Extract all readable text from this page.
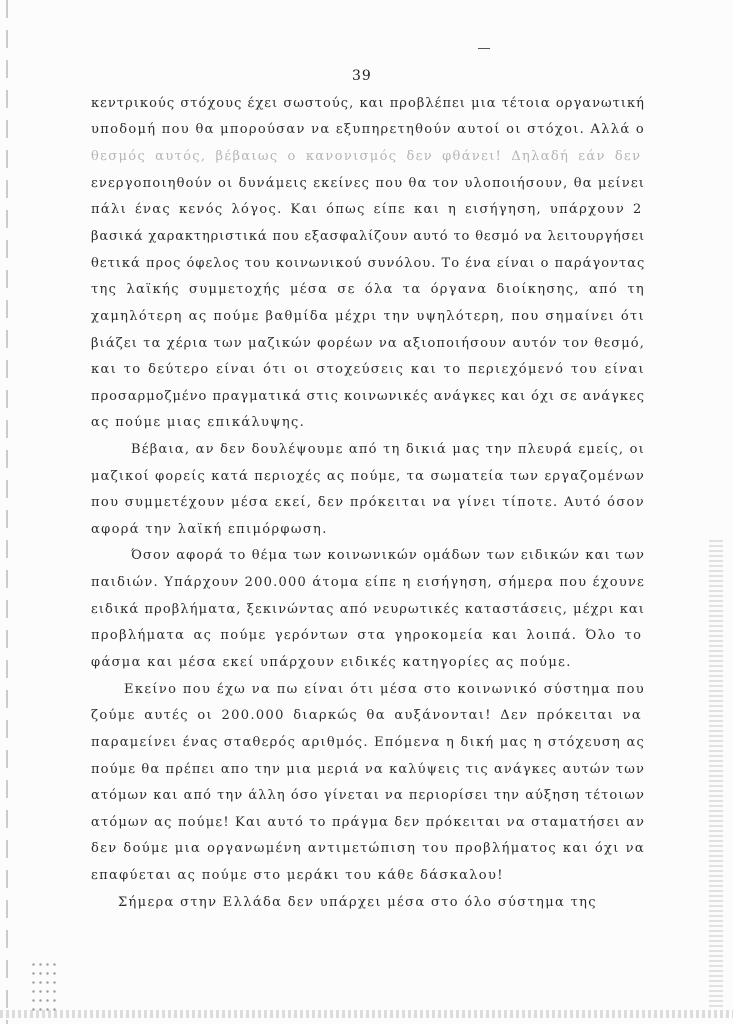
39
κεντρικούς στόχους έχει σωστούς, και προβλέπει μια τέτοια οργανωτική
υποδομή που θα μπορούσαν να εξυπηρετηθούν αυτοί οι στόχοι. Αλλά ο
θεσμός αυτός, βέβαιως ο κανονισμός δεν φθάνει! Δηλαδή εάν δεν
ενεργοποιηθούν οι δυνάμεις εκείνες που θα τον υλοποιήσουν, θα μείνει
πάλι ένας κενός λόγος. Και όπως είπε και η εισήγηση, υπάρχουν 2
βασικά χαρακτηριστικά που εξασφαλίζουν αυτό το θεσμό να λειτουργήσει
θετικά προς όφελος του κοινωνικού συνόλου. Το ένα είναι ο παράγοντας
της λαϊκής συμμετοχής μέσα σε όλα τα όργανα διοίκησης, από τη
χαμηλότερη ας πούμε βαθμίδα μέχρι την υψηλότερη, που σημαίνει ότι
βιάζει τα χέρια των μαζικών φορέων να αξιοποιήσουν αυτόν τον θεσμό,
και το δεύτερο είναι ότι οι στοχεύσεις και το περιεχόμενό του είναι
προσαρμοζμένο πραγματικά στις κοινωνικές ανάγκες και όχι σε ανάγκες
ας πούμε μιας επικάλυψης.
Βέβαια, αν δεν δουλέψουμε από τη δικιά μας την πλευρά εμείς, οι
μαζικοί φορείς κατά περιοχές ας πούμε, τα σωματεία των εργαζομένων
που συμμετέχουν μέσα εκεί, δεν πρόκειται να γίνει τίποτε. Αυτό όσον
αφορά την λαϊκή επιμόρφωση.
Όσον αφορά το θέμα των κοινωνικών ομάδων των ειδικών και των
παιδιών. Υπάρχουν 200.000 άτομα είπε η εισήγηση, σήμερα που έχουνε
ειδικά προβλήματα, ξεκινώντας από νευρωτικές καταστάσεις, μέχρι και
προβλήματα ας πούμε γερόντων στα γηροκομεία και λοιπά. Όλο το
φάσμα και μέσα εκεί υπάρχουν ειδικές κατηγορίες ας πούμε.
Εκείνο που έχω να πω είναι ότι μέσα στο κοινωνικό σύστημα που
ζούμε αυτές οι 200.000 διαρκώς θα αυξάνονται! Δεν πρόκειται να
παραμείνει ένας σταθερός αριθμός. Επόμενα η δική μας η στόχευση ας
πούμε θα πρέπει απο την μια μεριά να καλύψεις τις ανάγκες αυτών των
ατόμων και από την άλλη όσο γίνεται να περιορίσει την αύξηση τέτοιων
ατόμων ας πούμε! Και αυτό το πράγμα δεν πρόκειται να σταματήσει αν
δεν δούμε μια οργανωμένη αντιμετώπιση του προβλήματος και όχι να
επαφύεται ας πούμε στο μεράκι του κάθε δάσκαλου!
Σήμερα στην Ελλάδα δεν υπάρχει μέσα στο όλο σύστημα της
